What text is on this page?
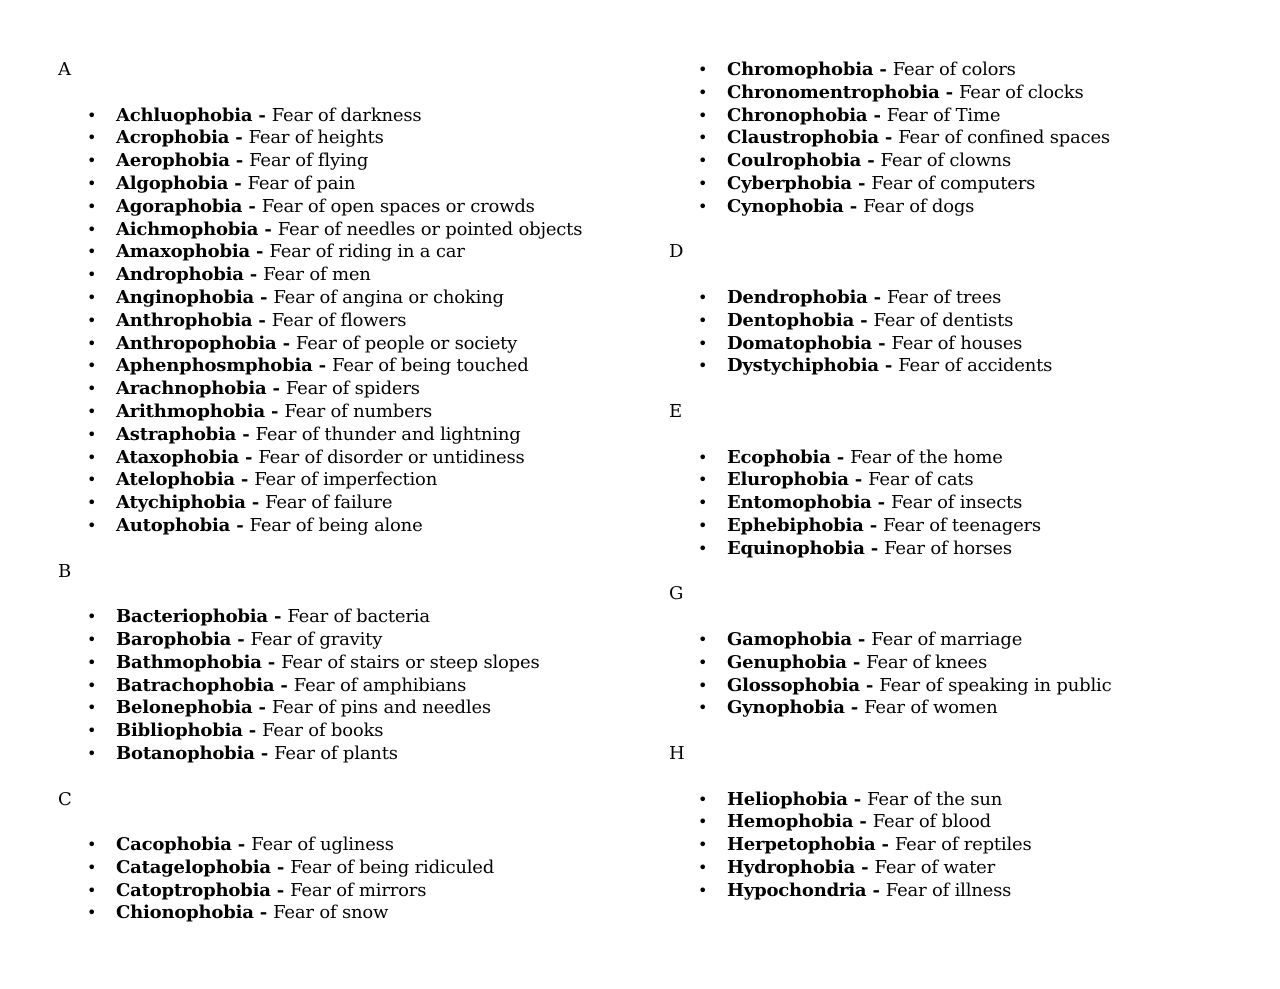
A
• Achluophobia - Fear of darkness
• Acrophobia - Fear of heights
• Aerophobia - Fear of flying
• Algophobia - Fear of pain
• Agoraphobia - Fear of open spaces or crowds
• Aichmophobia - Fear of needles or pointed objects
• Amaxophobia - Fear of riding in a car
• Androphobia - Fear of men
• Anginophobia - Fear of angina or choking
• Anthrophobia - Fear of flowers
• Anthropophobia - Fear of people or society
• Aphenphosmphobia - Fear of being touched
• Arachnophobia - Fear of spiders
• Arithmophobia - Fear of numbers
• Astraphobia - Fear of thunder and lightning
• Ataxophobia - Fear of disorder or untidiness
• Atelophobia - Fear of imperfection
• Atychiphobia - Fear of failure
• Autophobia - Fear of being alone
B
• Bacteriophobia - Fear of bacteria
• Barophobia - Fear of gravity
• Bathmophobia - Fear of stairs or steep slopes
• Batrachophobia - Fear of amphibians
• Belonephobia - Fear of pins and needles
• Bibliophobia - Fear of books
• Botanophobia - Fear of plants
C
• Cacophobia - Fear of ugliness
• Catagelophobia - Fear of being ridiculed
• Catoptrophobia - Fear of mirrors
• Chionophobia - Fear of snow
• Chromophobia - Fear of colors
• Chronomentrophobia - Fear of clocks
• Chronophobia - Fear of Time
• Claustrophobia - Fear of confined spaces
• Coulrophobia - Fear of clowns
• Cyberphobia - Fear of computers
• Cynophobia - Fear of dogs
D
• Dendrophobia - Fear of trees
• Dentophobia - Fear of dentists
• Domatophobia - Fear of houses
• Dystychiphobia - Fear of accidents
E
• Ecophobia - Fear of the home
• Elurophobia - Fear of cats
• Entomophobia - Fear of insects
• Ephebiphobia - Fear of teenagers
• Equinophobia - Fear of horses
G
• Gamophobia - Fear of marriage
• Genuphobia - Fear of knees
• Glossophobia - Fear of speaking in public
• Gynophobia - Fear of women
H
• Heliophobia - Fear of the sun
• Hemophobia - Fear of blood
• Herpetophobia - Fear of reptiles
• Hydrophobia - Fear of water
• Hypochondria - Fear of illness
